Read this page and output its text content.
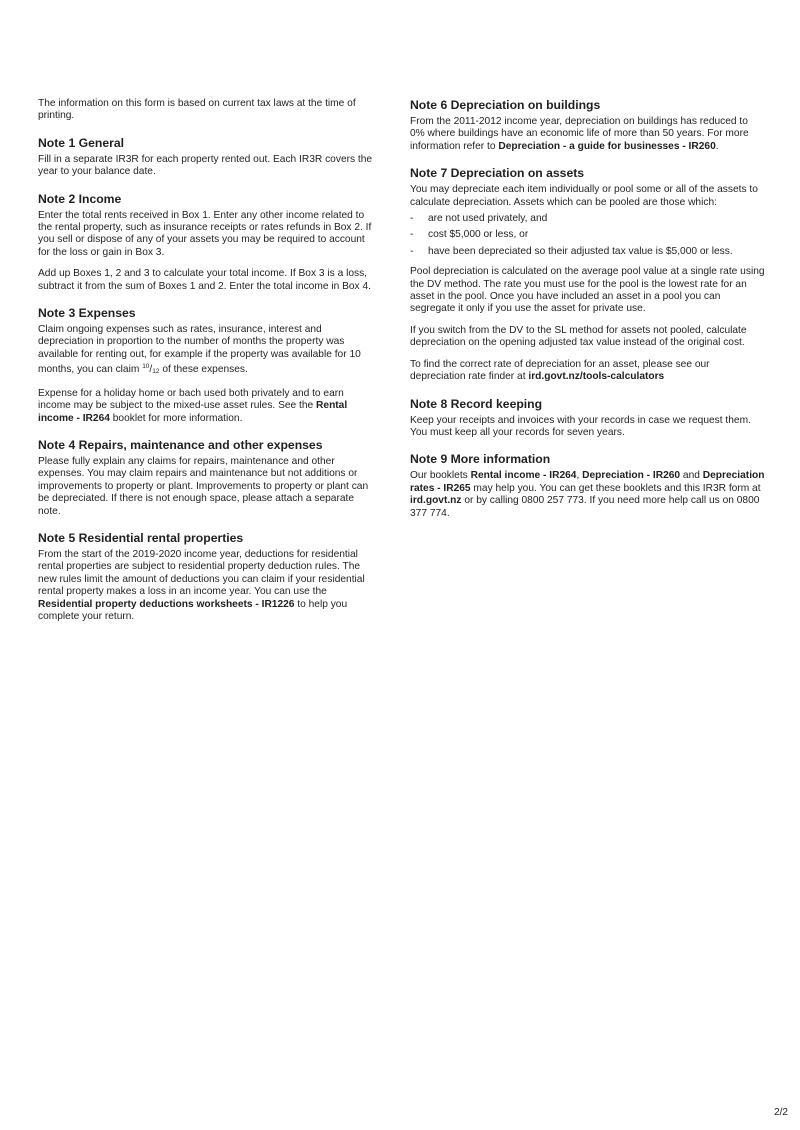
The information on this form is based on current tax laws at the time of printing.

Note 1 General

Fill in a separate IR3R for each property rented out. Each IR3R covers the year to your balance date.

Note 2 Income

Enter the total rents received in Box 1. Enter any other income related to the rental property, such as insurance receipts or rates refunds in Box 2. If you sell or dispose of any of your assets you may be required to account for the loss or gain in Box 3.

Add up Boxes 1, 2 and 3 to calculate your total income. If Box 3 is a loss, subtract it from the sum of Boxes 1 and 2. Enter the total income in Box 4.

Note 3 Expenses

Claim ongoing expenses such as rates, insurance, interest and depreciation in proportion to the number of months the property was available for renting out, for example if the property was available for 10 months, you can claim $^{10}/_{12}$ of these expenses.

Expense for a holiday home or bach used both privately and to earn income may be subject to the mixed-use asset rules. See the Rental income - IR264 booklet for more information.

Note 4 Repairs, maintenance and other expenses

Please fully explain any claims for repairs, maintenance and other expenses. You may claim repairs and maintenance but not additions or improvements to property or plant. Improvements to property or plant can be depreciated. If there is not enough space, please attach a separate note.

Note 5 Residential rental properties

From the start of the 2019-2020 income year, deductions for residential rental properties are subject to residential property deduction rules. The new rules limit the amount of deductions you can claim if your residential rental property makes a loss in an income year. You can use the Residential property deductions worksheets - IR1226 to help you complete your return.

Note 6 Depreciation on buildings

From the 2011-2012 income year, depreciation on buildings has reduced to 0% where buildings have an economic life of more than 50 years. For more information refer to Depreciation - a guide for businesses - IR260.

Note 7 Depreciation on assets

You may depreciate each item individually or pool some or all of the assets to calculate depreciation. Assets which can be pooled are those which:

- are not used privately, and
- cost $5,000 or less, or
- have been depreciated so their adjusted tax value is $5,000 or less.

Pool depreciation is calculated on the average pool value at a single rate using the DV method. The rate you must use for the pool is the lowest rate for an asset in the pool. Once you have included an asset in a pool you can segregate it only if you use the asset for private use.

If you switch from the DV to the SL method for assets not pooled, calculate depreciation on the opening adjusted tax value instead of the original cost.

To find the correct rate of depreciation for an asset, please see our depreciation rate finder at ird.govt.nz/tools-calculators

Note 8 Record keeping

Keep your receipts and invoices with your records in case we request them. You must keep all your records for seven years.

Note 9 More information

Our booklets Rental income - IR264, Depreciation - IR260 and Depreciation rates - IR265 may help you. You can get these booklets and this IR3R form at ird.govt.nz or by calling 0800 257 773. If you need more help call us on 0800 377 774.

2/2
